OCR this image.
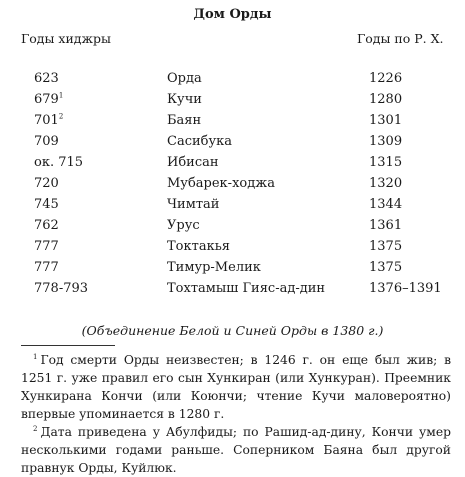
Дом Орды
Годы хиджры	Годы по Р. Х.
623	Орда	1226
$679^1$	Кучи	1280
$701^2$	Баян	1301
709	Сасибука	1309
ок. 715	Ибисан	1315
720	Мубарек-ходжа	1320
745	Чимтай	1344
762	Урус	1361
777	Токтакья	1375
777	Тимур-Мелик	1375
778-793	Тохтамыш Гияс-ад-дин	1376–1391
(Объединение Белой и Синей Орды в 1380 г.)
$^1$ Год смерти Орды неизвестен; в 1246 г. он еще был жив; в
1251 г. уже правил его сын Хункиран (или Хункуран). Преемник
Хункирана Кончи (или Коюнчи; чтение Кучи маловероятно)
впервые упоминается в 1280 г.
$^2$ Дата приведена у Абулфиды; по Рашид-ад-дину, Кончи умер
несколькими годами раньше. Соперником Баяна был другой
правнук Орды, Куйлюк.
